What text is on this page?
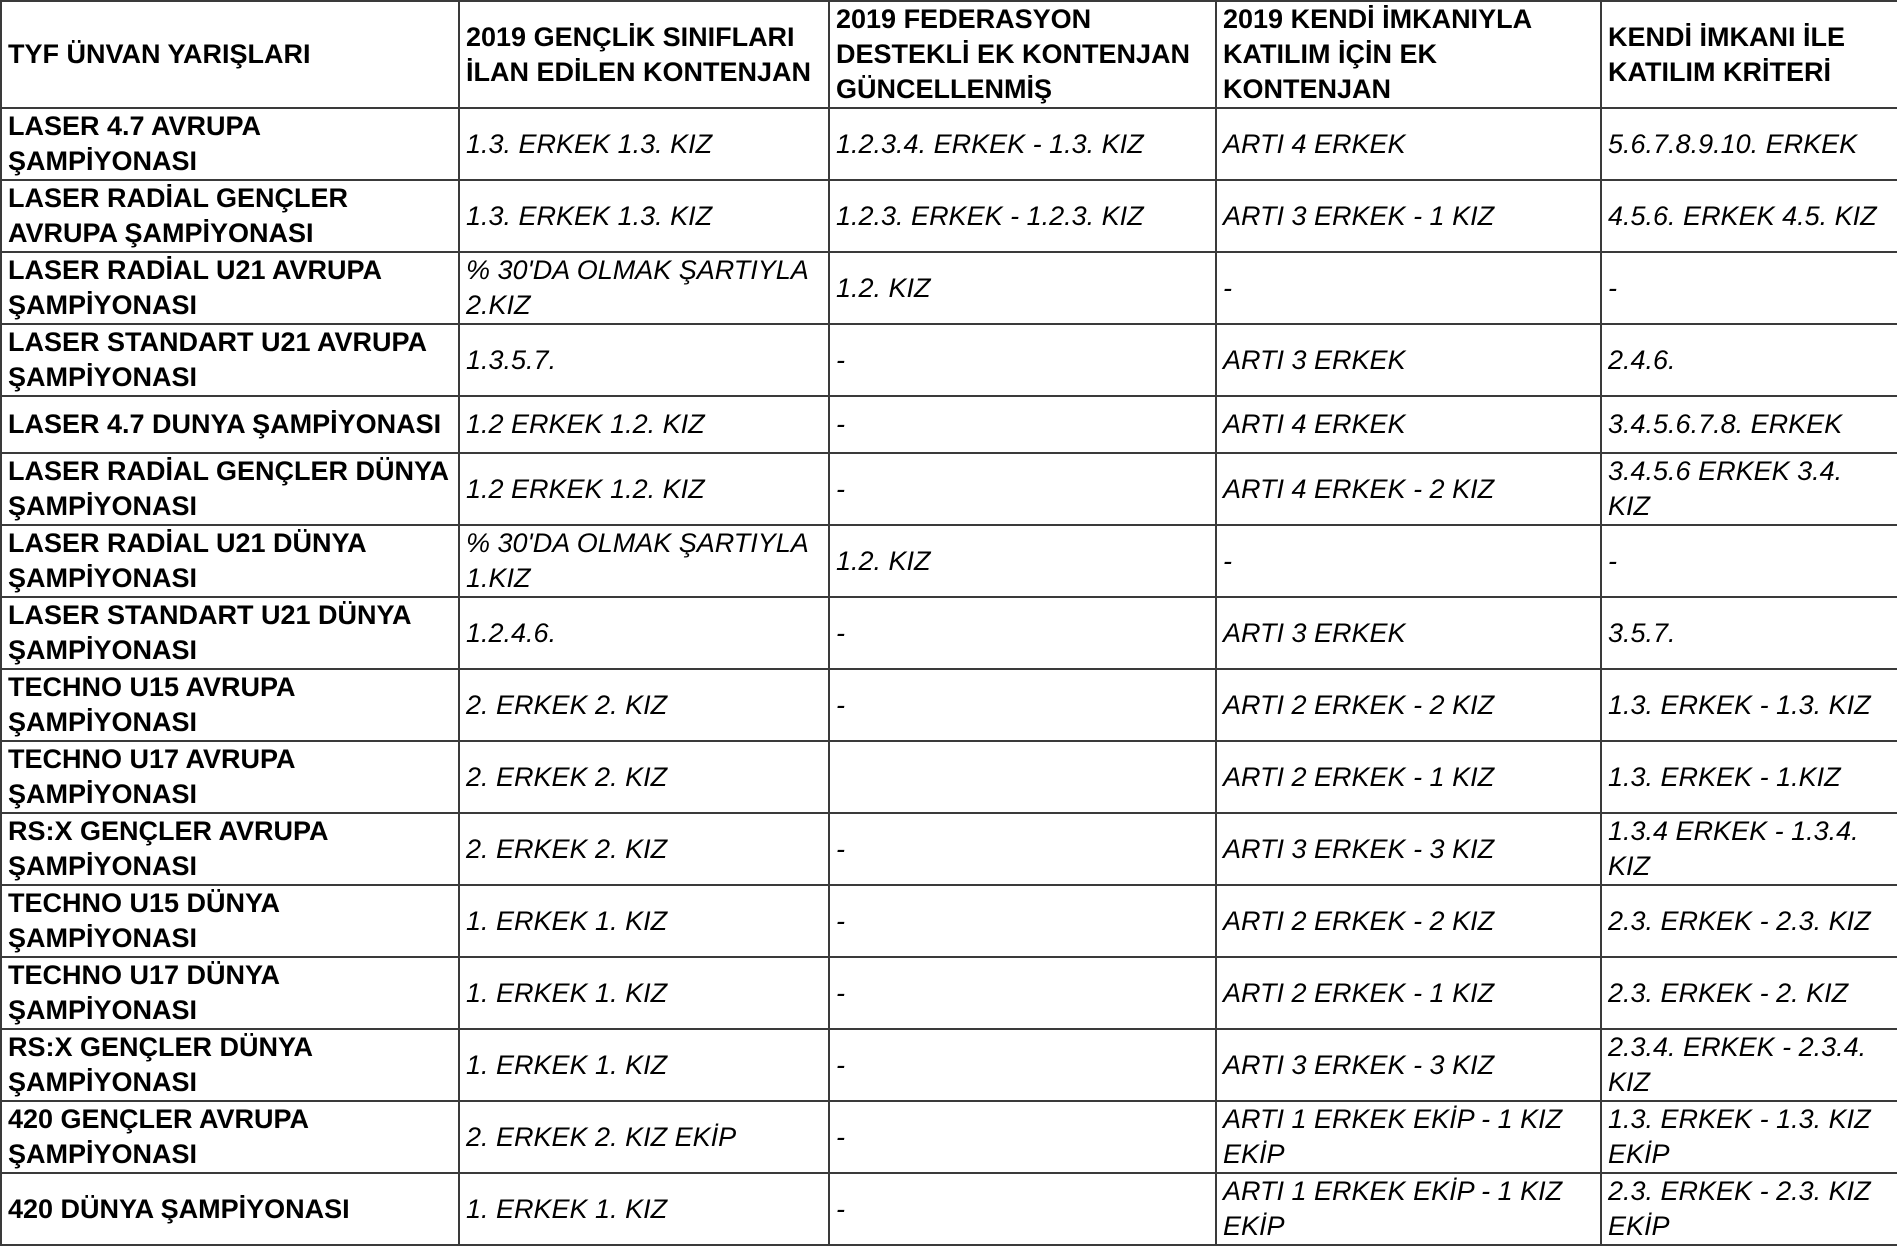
TYF ÜNVAN YARIŞLARI	2019 GENÇLİK SINIFLARI İLAN EDİLEN KONTENJAN	2019 FEDERASYON DESTEKLİ EK KONTENJAN GÜNCELLENMİŞ	2019 KENDİ İMKANIYLA KATILIM İÇİN EK KONTENJAN	KENDİ İMKANI İLE KATILIM KRİTERİ
LASER 4.7 AVRUPA ŞAMPİYONASI	1.3. ERKEK 1.3. KIZ	1.2.3.4. ERKEK - 1.3. KIZ	ARTI 4 ERKEK	5.6.7.8.9.10. ERKEK
LASER RADİAL GENÇLER AVRUPA ŞAMPİYONASI	1.3. ERKEK 1.3. KIZ	1.2.3. ERKEK - 1.2.3. KIZ	ARTI 3 ERKEK - 1 KIZ	4.5.6. ERKEK 4.5. KIZ
LASER RADİAL U21 AVRUPA ŞAMPİYONASI	% 30'DA OLMAK ŞARTIYLA 2.KIZ	1.2. KIZ	-	-
LASER STANDART U21 AVRUPA ŞAMPİYONASI	1.3.5.7.	-	ARTI 3 ERKEK	2.4.6.
LASER 4.7 DUNYA ŞAMPİYONASI	1.2 ERKEK 1.2. KIZ	-	ARTI 4 ERKEK	3.4.5.6.7.8. ERKEK
LASER RADİAL GENÇLER DÜNYA ŞAMPİYONASI	1.2 ERKEK 1.2. KIZ	-	ARTI 4 ERKEK - 2 KIZ	3.4.5.6 ERKEK 3.4. KIZ
LASER RADİAL U21 DÜNYA ŞAMPİYONASI	% 30'DA OLMAK ŞARTIYLA 1.KIZ	1.2. KIZ	-	-
LASER STANDART U21 DÜNYA ŞAMPİYONASI	1.2.4.6.	-	ARTI 3 ERKEK	3.5.7.
TECHNO U15 AVRUPA ŞAMPİYONASI	2. ERKEK 2. KIZ	-	ARTI 2 ERKEK - 2 KIZ	1.3. ERKEK - 1.3. KIZ
TECHNO U17 AVRUPA ŞAMPİYONASI	2. ERKEK 2. KIZ		ARTI 2 ERKEK - 1 KIZ	1.3. ERKEK - 1.KIZ
RS:X GENÇLER AVRUPA ŞAMPİYONASI	2. ERKEK 2. KIZ	-	ARTI 3 ERKEK - 3 KIZ	1.3.4 ERKEK - 1.3.4. KIZ
TECHNO U15 DÜNYA ŞAMPİYONASI	1. ERKEK 1. KIZ	-	ARTI 2 ERKEK - 2 KIZ	2.3. ERKEK - 2.3. KIZ
TECHNO U17 DÜNYA ŞAMPİYONASI	1. ERKEK 1. KIZ	-	ARTI 2 ERKEK - 1 KIZ	2.3. ERKEK - 2. KIZ
RS:X GENÇLER DÜNYA ŞAMPİYONASI	1. ERKEK 1. KIZ	-	ARTI 3 ERKEK - 3 KIZ	2.3.4. ERKEK - 2.3.4. KIZ
420 GENÇLER AVRUPA ŞAMPİYONASI	2. ERKEK 2. KIZ EKİP	-	ARTI 1 ERKEK EKİP - 1 KIZ EKİP	1.3. ERKEK - 1.3. KIZ EKİP
420 DÜNYA ŞAMPİYONASI	1. ERKEK 1. KIZ	-	ARTI 1 ERKEK EKİP - 1 KIZ EKİP	2.3. ERKEK - 2.3. KIZ EKİP
